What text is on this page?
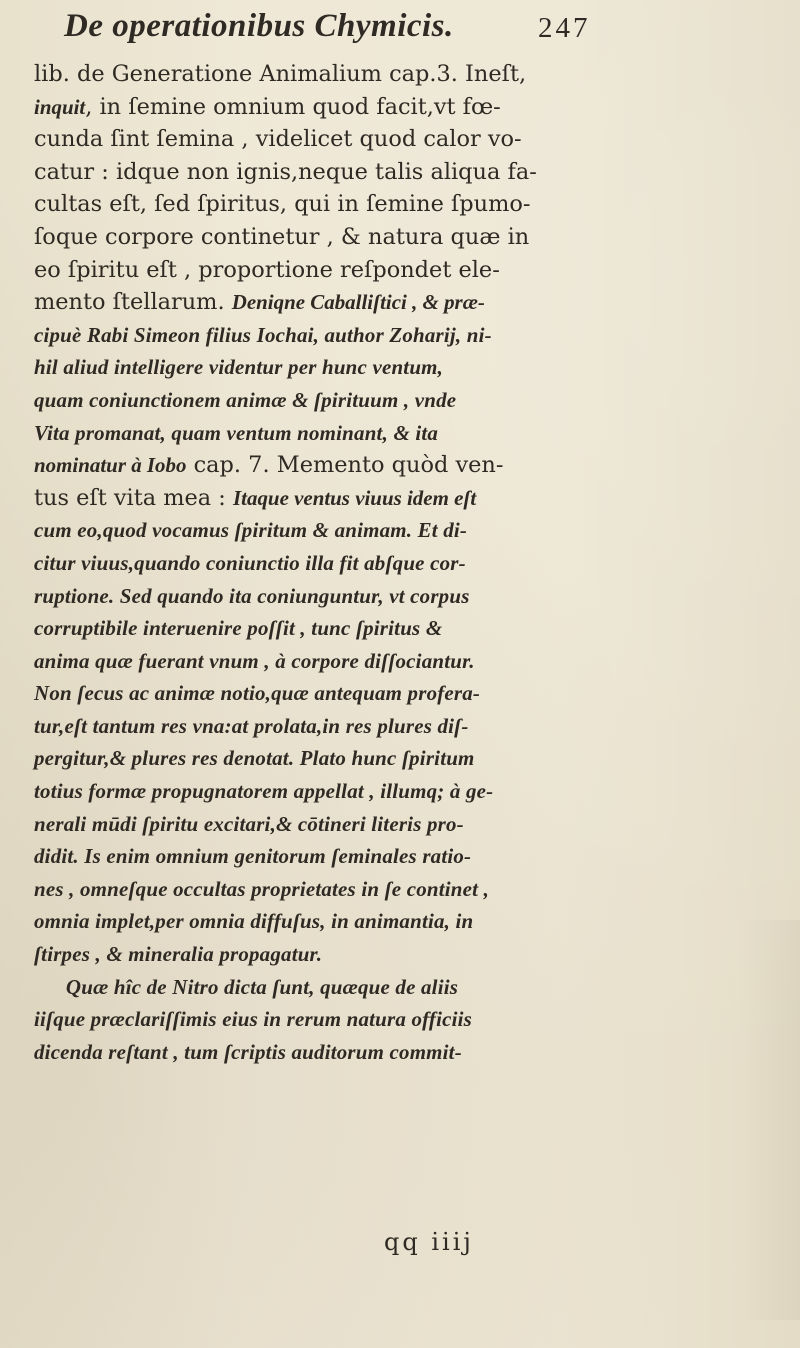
De operationibus Chymicis.	247
lib. de Generatione Animalium cap.3. Ineſt,
inquit, in ſemine omnium quod facit,vt fœ-
cunda ſint ſemina , videlicet quod calor vo-
catur : idque non ignis,neque talis aliqua fa-
cultas eſt, ſed ſpiritus, qui in ſemine ſpumo-
ſoque corpore continetur , & natura quæ in
eo ſpiritu eſt , proportione reſpondet ele-
mento ſtellarum. Deniqne Caballiſtici , & præ-
cipuè Rabi Simeon filius Iochai, author Zoharij, ni-
hil aliud intelligere videntur per hunc ventum,
quam coniunctionem animæ & ſpirituum , vnde
Vita promanat, quam ventum nominant, & ita
nominatur à Iobo cap. 7. Memento quòd ven-
tus eſt vita mea : Itaque ventus viuus idem eſt
cum eo,quod vocamus ſpiritum & animam. Et di-
citur viuus,quando coniunctio illa fit abſque cor-
ruptione. Sed quando ita coniunguntur, vt corpus
corruptibile interuenire poſſit , tunc ſpiritus &
anima quæ fuerant vnum , à corpore diſſociantur.
Non ſecus ac animæ notio,quæ antequam profera-
tur,eſt tantum res vna:at prolata,in res plures diſ-
pergitur,& plures res denotat. Plato hunc ſpiritum
totius formæ propugnatorem appellat , illumq; à ge-
nerali mūdi ſpiritu excitari,& cōtineri literis pro-
didit. Is enim omnium genitorum ſeminales ratio-
nes , omneſque occultas proprietates in ſe continet ,
omnia implet,per omnia diffuſus, in animantia, in
ſtirpes , & mineralia propagatur.
Quæ hîc de Nitro dicta ſunt, quæque de aliis
iiſque præclariſſimis eius in rerum natura officiis
dicenda reſtant , tum ſcriptis auditorum commit-
qq iiij
